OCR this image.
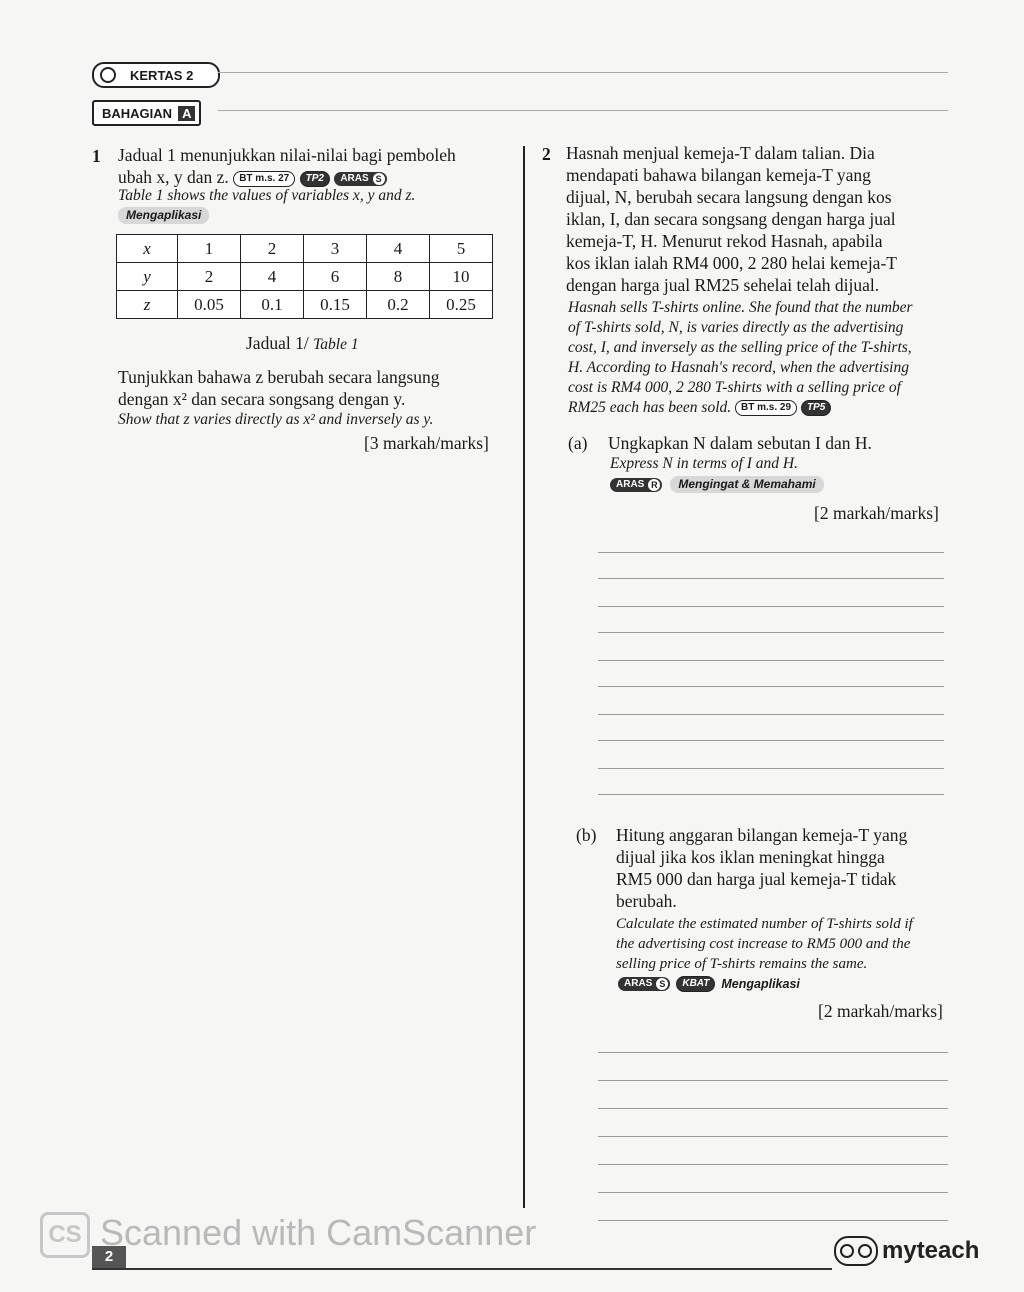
KERTAS 2
BAHAGIAN A
1 Jadual 1 menunjukkan nilai-nilai bagi pemboleh
ubah x, y dan z. BT m.s. 27 TP2 ARAS S
Table 1 shows the values of variables x, y and z.
Mengaplikasi
x	1	2	3	4	5
y	2	4	6	8	10
z	0.05	0.1	0.15	0.2	0.25
Jadual 1/ Table 1
Tunjukkan bahawa z berubah secara langsung
dengan x² dan secara songsang dengan y.
Show that z varies directly as x² and inversely as y.
[3 markah/marks]
2 Hasnah menjual kemeja-T dalam talian. Dia
mendapati bahawa bilangan kemeja-T yang
dijual, N, berubah secara langsung dengan kos
iklan, I, dan secara songsang dengan harga jual
kemeja-T, H. Menurut rekod Hasnah, apabila
kos iklan ialah RM4 000, 2 280 helai kemeja-T
dengan harga jual RM25 sehelai telah dijual.
Hasnah sells T-shirts online. She found that the number
of T-shirts sold, N, is varies directly as the advertising
cost, I, and inversely as the selling price of the T-shirts,
H. According to Hasnah's record, when the advertising
cost is RM4 000, 2 280 T-shirts with a selling price of
RM25 each has been sold. BT m.s. 29 TP5
(a) Ungkapkan N dalam sebutan I dan H.
Express N in terms of I and H.
ARAS R	Mengingat & Memahami
[2 markah/marks]
(b) Hitung anggaran bilangan kemeja-T yang
dijual jika kos iklan meningkat hingga
RM5 000 dan harga jual kemeja-T tidak
berubah.
Calculate the estimated number of T-shirts sold if
the advertising cost increase to RM5 000 and the
selling price of T-shirts remains the same.
ARAS S	KBAT Mengaplikasi
[2 markah/marks]
2
CS Scanned with CamScanner	myteach
